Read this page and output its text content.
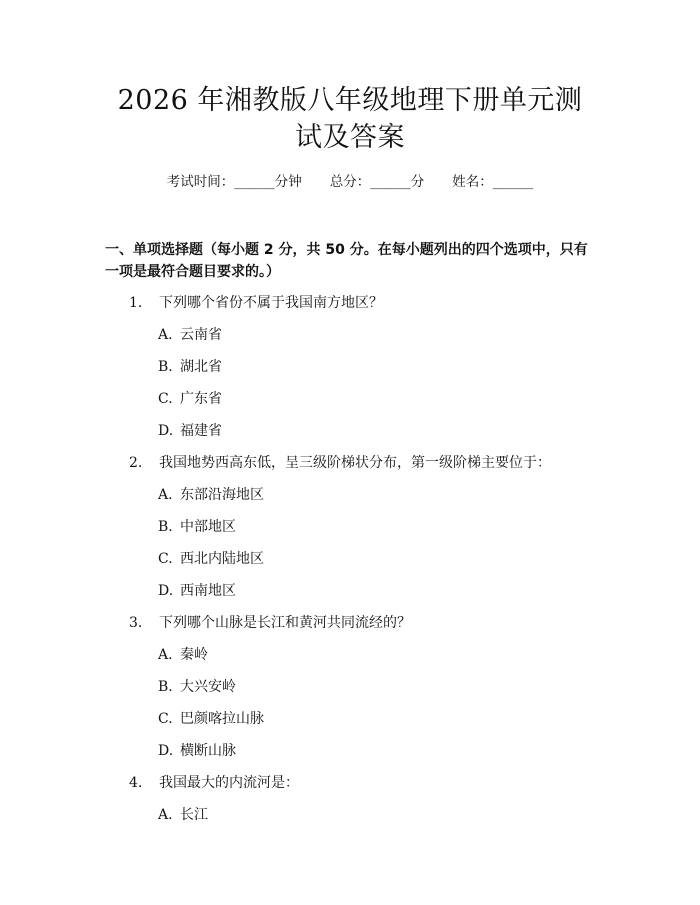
2026 年湘教版八年级地理下册单元测试及答案
考试时间：______分钟 总分：______分 姓名：______
一、单项选择题（每小题 2 分，共 50 分。在每小题列出的四个选项中，只有一项是最符合题目要求的。）
1.	下列哪个省份不属于我国南方地区？
A. 云南省
B. 湖北省
C. 广东省
D. 福建省
2.	我国地势西高东低，呈三级阶梯状分布，第一级阶梯主要位于：
A. 东部沿海地区
B. 中部地区
C. 西北内陆地区
D. 西南地区
3.	下列哪个山脉是长江和黄河共同流经的？
A. 秦岭
B. 大兴安岭
C. 巴颜喀拉山脉
D. 横断山脉
4.	我国最大的内流河是：
A. 长江
